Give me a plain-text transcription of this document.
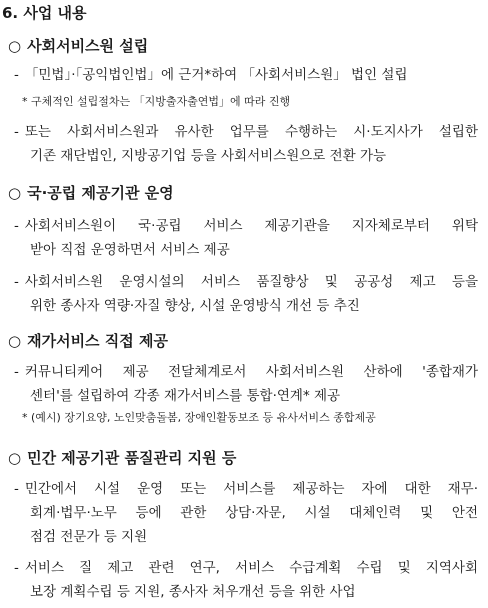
6. 사업 내용
○ 사회서비스원 설립
- 「민법」·「공익법인법」에 근거*하여 「사회서비스원」 법인 설립
* 구체적인 설립절차는 「지방출자출연법」에 따라 진행
- 또는 사회서비스원과 유사한 업무를 수행하는 시·도지사가 설립한
기존 재단법인, 지방공기업 등을 사회서비스원으로 전환 가능
○ 국·공립 제공기관 운영
- 사회서비스원이 국·공립 서비스 제공기관을 지자체로부터 위탁
받아 직접 운영하면서 서비스 제공
- 사회서비스원 운영시설의 서비스 품질향상 및 공공성 제고 등을
위한 종사자 역량·자질 향상, 시설 운영방식 개선 등 추진
○ 재가서비스 직접 제공
- 커뮤니티케어 제공 전달체계로서 사회서비스원 산하에 '종합재가
센터'를 설립하여 각종 재가서비스를 통합·연계* 제공
* (예시) 장기요양, 노인맞춤돌봄, 장애인활동보조 등 유사서비스 종합제공
○ 민간 제공기관 품질관리 지원 등
- 민간에서 시설 운영 또는 서비스를 제공하는 자에 대한 재무·
회계·법무·노무 등에 관한 상담·자문, 시설 대체인력 및 안전
점검 전문가 등 지원
- 서비스 질 제고 관련 연구, 서비스 수급계획 수립 및 지역사회
보장 계획수립 등 지원, 종사자 처우개선 등을 위한 사업
